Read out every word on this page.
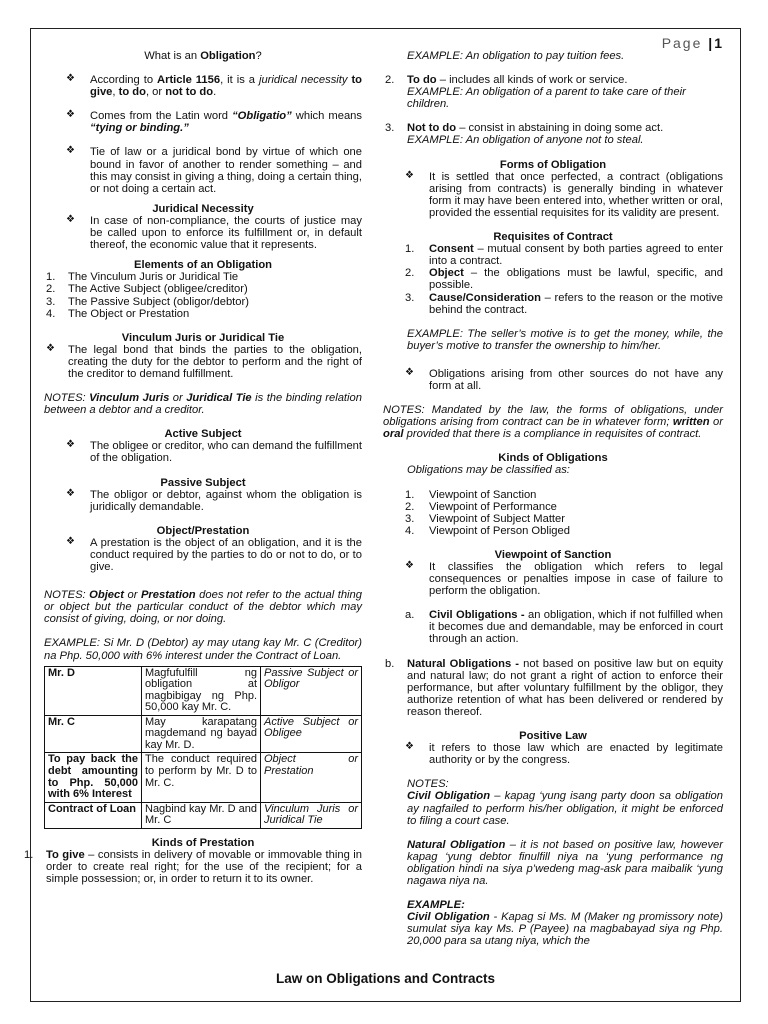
Page |1
What is an Obligation?
❖ According to Article 1156, it is a juridical necessity to give, to do, or not to do.
❖ Comes from the Latin word “Obligatio” which means “tying or binding.”
❖ Tie of law or a juridical bond by virtue of which one bound in favor of another to render something – and this may consist in giving a thing, doing a certain thing, or not doing a certain act.
Juridical Necessity
❖ In case of non-compliance, the courts of justice may be called upon to enforce its fulfillment or, in default thereof, the economic value that it represents.
Elements of an Obligation
1. The Vinculum Juris or Juridical Tie
2. The Active Subject (obligee/creditor)
3. The Passive Subject (obligor/debtor)
4. The Object or Prestation
Vinculum Juris or Juridical Tie
❖ The legal bond that binds the parties to the obligation, creating the duty for the debtor to perform and the right of the creditor to demand fulfillment.
NOTES: Vinculum Juris or Juridical Tie is the binding relation between a debtor and a creditor.
Active Subject
❖ The obligee or creditor, who can demand the fulfillment of the obligation.
Passive Subject
❖ The obligor or debtor, against whom the obligation is juridically demandable.
Object/Prestation
❖ A prestation is the object of an obligation, and it is the conduct required by the parties to do or not to do, or to give.
NOTES: Object or Prestation does not refer to the actual thing or object but the particular conduct of the debtor which may consist of giving, doing, or nor doing.
EXAMPLE: Si Mr. D (Debtor) ay may utang kay Mr. C (Creditor) na Php. 50,000 with 6% interest under the Contract of Loan.
Mr. D	Magfufulfill ng obligation at magbibigay ng Php. 50,000 kay Mr. C.	Passive Subject or Obligor
Mr. C	May karapatang magdemand ng bayad kay Mr. D.	Active Subject or Obligee
To pay back the debt amounting to Php. 50,000 with 6% Interest	The conduct required to perform by Mr. D to Mr. C.	Object or Prestation
Contract of Loan	Nagbind kay Mr. D and Mr. C	Vinculum Juris or Juridical Tie
Kinds of Prestation
1. To give – consists in delivery of movable or immovable thing in order to create real right; for the use of the recipient; for a simple possession; or, in order to return it to its owner.
EXAMPLE: An obligation to pay tuition fees.
2. To do – includes all kinds of work or service.
EXAMPLE: An obligation of a parent to take care of their children.
3. Not to do – consist in abstaining in doing some act.
EXAMPLE: An obligation of anyone not to steal.
Forms of Obligation
❖ It is settled that once perfected, a contract (obligations arising from contracts) is generally binding in whatever form it may have been entered into, whether written or oral, provided the essential requisites for its validity are present.
Requisites of Contract
1. Consent – mutual consent by both parties agreed to enter into a contract.
2. Object – the obligations must be lawful, specific, and possible.
3. Cause/Consideration – refers to the reason or the motive behind the contract.
EXAMPLE: The seller’s motive is to get the money, while, the buyer’s motive to transfer the ownership to him/her.
❖ Obligations arising from other sources do not have any form at all.
NOTES: Mandated by the law, the forms of obligations, under obligations arising from contract can be in whatever form; written or oral provided that there is a compliance in requisites of contract.
Kinds of Obligations
Obligations may be classified as:
1. Viewpoint of Sanction
2. Viewpoint of Performance
3. Viewpoint of Subject Matter
4. Viewpoint of Person Obliged
Viewpoint of Sanction
❖ It classifies the obligation which refers to legal consequences or penalties impose in case of failure to perform the obligation.
a. Civil Obligations - an obligation, which if not fulfilled when it becomes due and demandable, may be enforced in court through an action.
b. Natural Obligations - not based on positive law but on equity and natural law; do not grant a right of action to enforce their performance, but after voluntary fulfillment by the obligor, they authorize retention of what has been delivered or rendered by reason thereof.
Positive Law
❖ it refers to those law which are enacted by legitimate authority or by the congress.
NOTES:
Civil Obligation – kapag ‘yung isang party doon sa obligation ay nagfailed to perform his/her obligation, it might be enforced to filing a court case.
Natural Obligation – it is not based on positive law, however kapag ‘yung debtor finulfill niya na ‘yung performance ng obligation hindi na siya p’wedeng mag-ask para maibalik ‘yung nagawa niya na.
EXAMPLE:
Civil Obligation - Kapag si Ms. M (Maker ng promissory note) sumulat siya kay Ms. P (Payee) na magbabayad siya ng Php. 20,000 para sa utang niya, which the
Law on Obligations and Contracts
